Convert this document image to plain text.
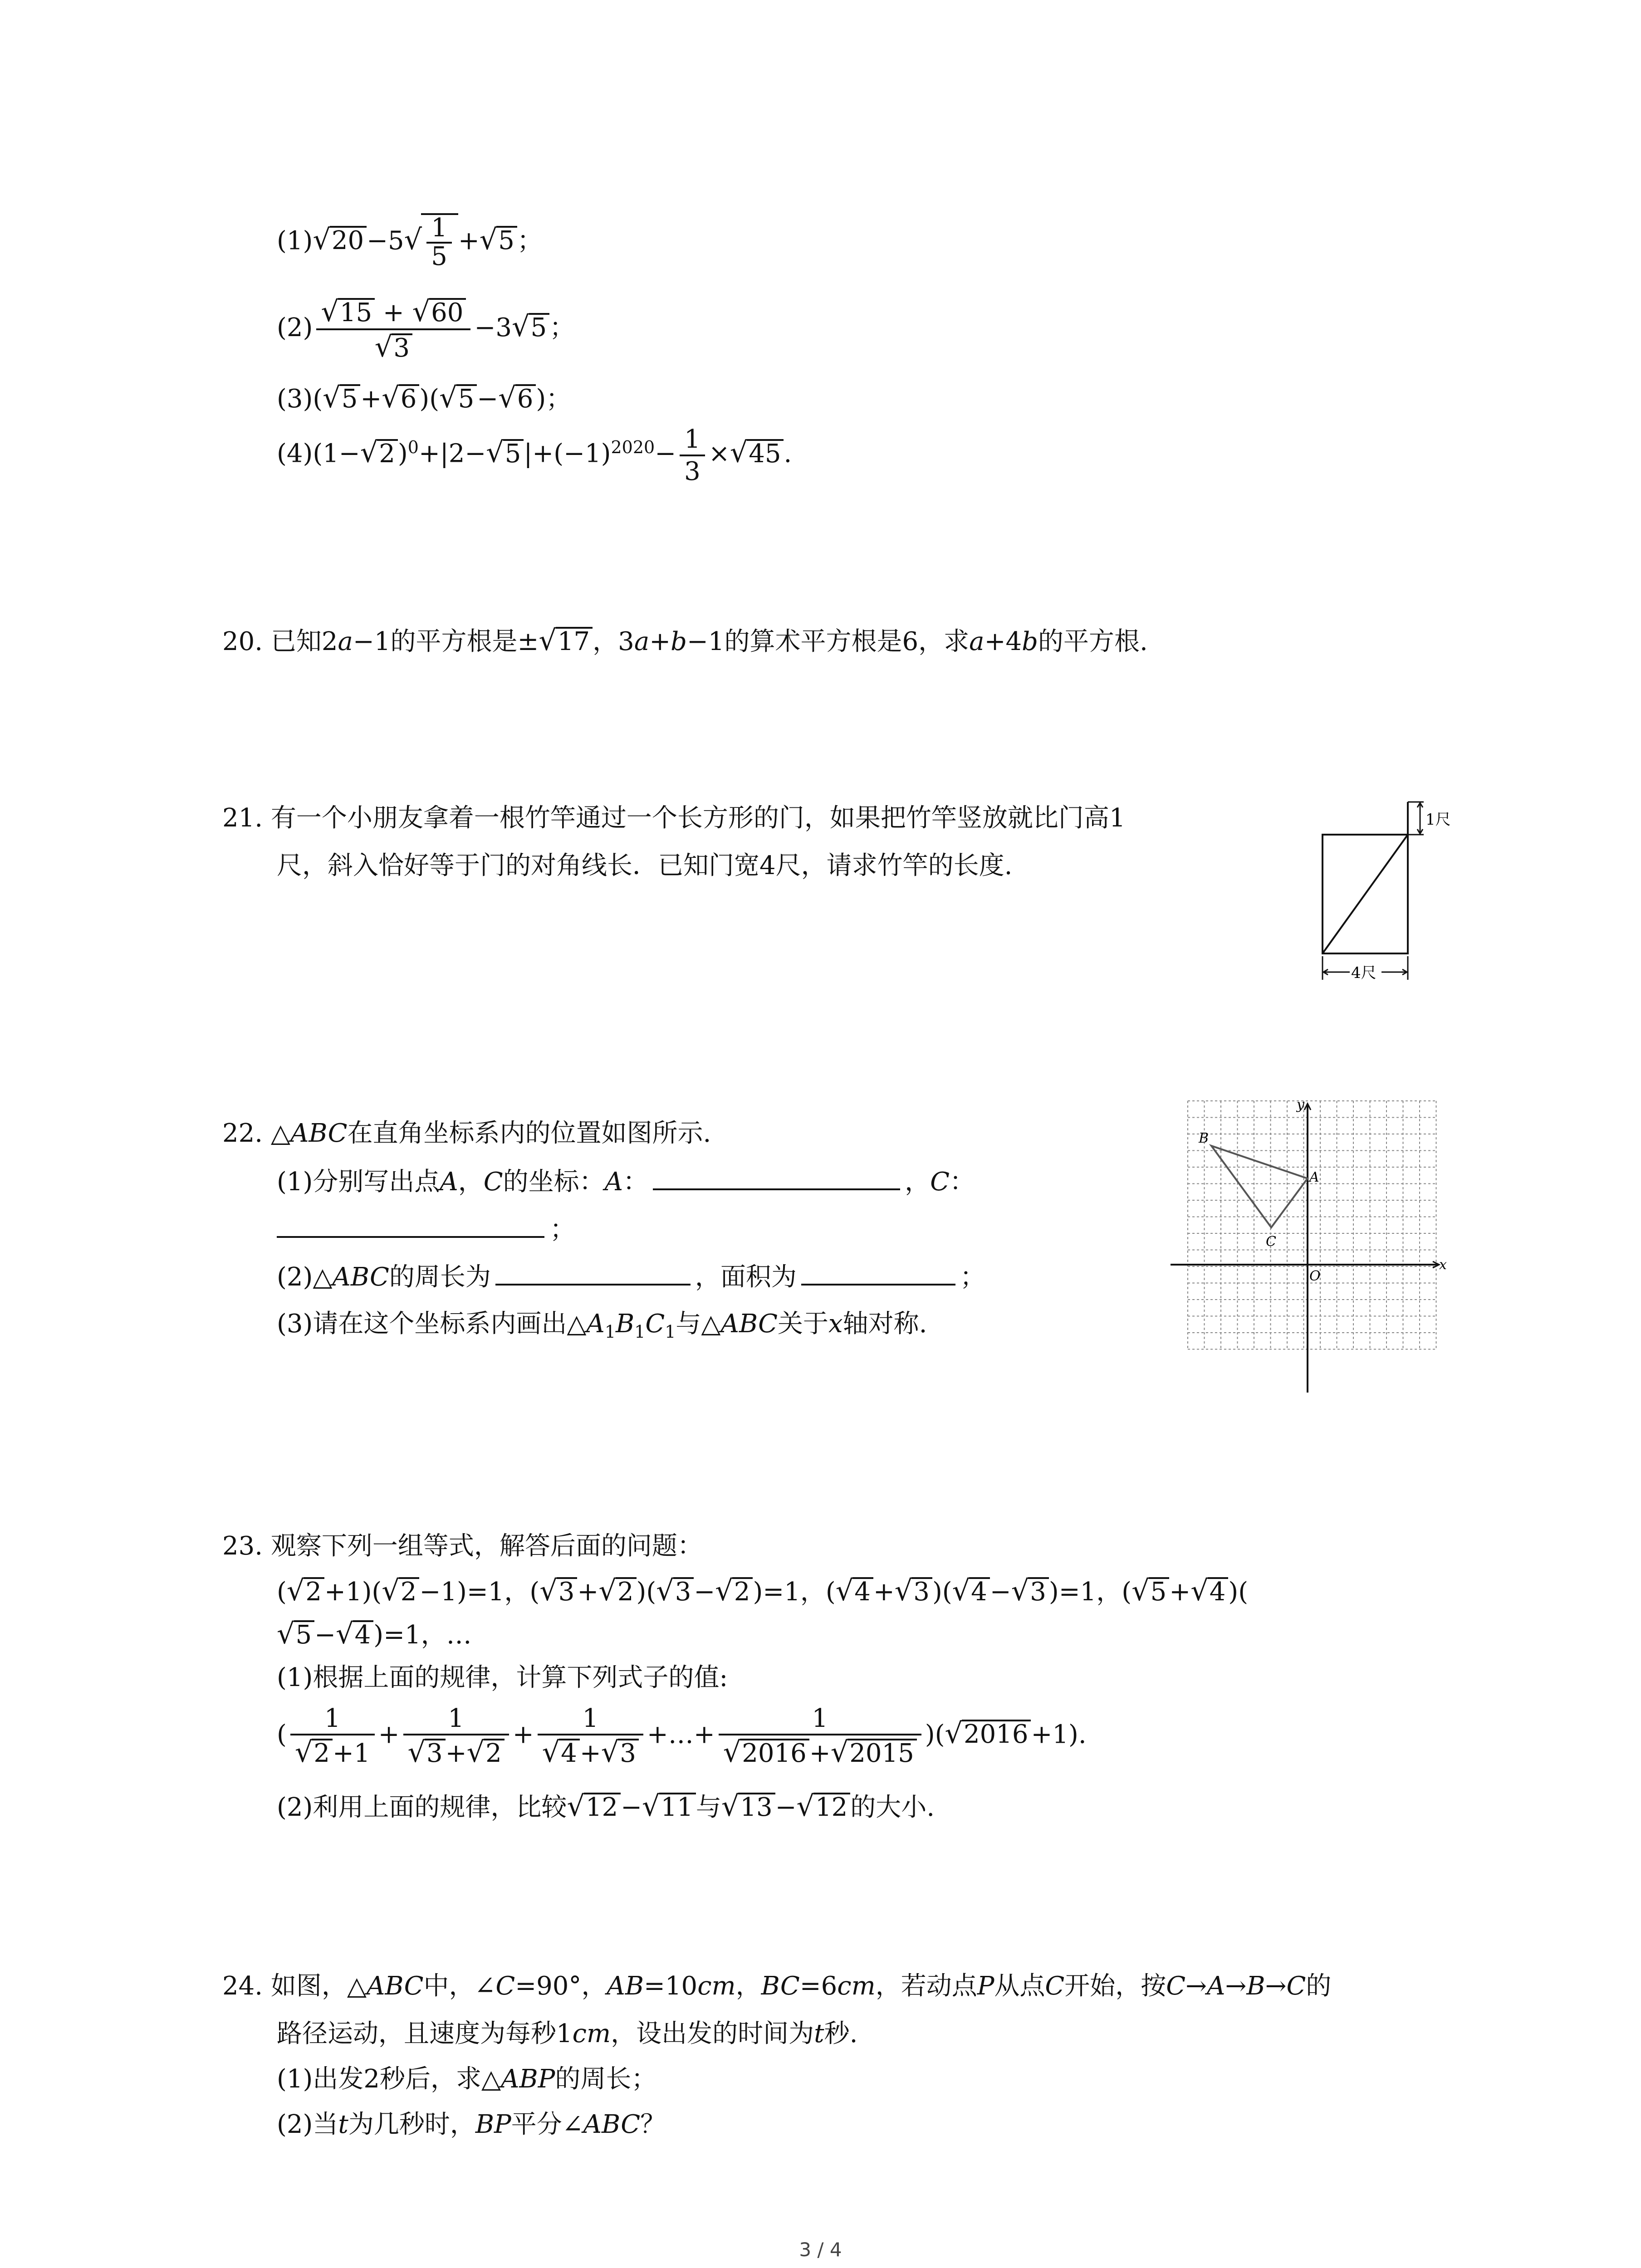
$(1)√20 -5√ \frac{1}{5} +√5$ ；
$(2) \frac{√15 + √60}{√3} -3√5$ ；
(3)(√5 +√6 )(√5 −√6 )；
(4)(1−√2 )$^0$+|2−√5 $|+(-1)^{2020}- \frac{1}{3} \times√45$ .
20. 已知2a−1的平方根是±√17 ，3a+b−1的算术平方根是6，求a+4b的平方根.
21. 有一个小朋友拿着一根竹竿通过一个长方形的门，如果把竹竿竖放就比门高1
尺，斜入恰好等于门的对角线长．已知门宽4尺，请求竹竿的长度.
1尺
4尺
22. △ABC在直角坐标系内的位置如图所示.
(1)分别写出点A，C的坐标：A：	，C：
；
(2)△ABC的周长为	，面积为	；
(3)请在这个坐标系内画出$\triangle A_1B_1C_1$与△ABC关于x轴对称.
x
y
O
B
A
C
23. 观察下列一组等式，解答后面的问题：
(√2 +1)(√2 −1)=1，(√3 +√2 )(√3 −√2 )=1，(√4 +√3 )(√4 −√3 )=1，(√5 +√4 )(
√5 −√4 )=1，…
(1)根据上面的规律，计算下列式子的值:
( $\frac{1}{√2 +1} + \frac{1}{√3 +√2} + \frac{1}{√4 +√3}$ +…+ $\frac{1}{√2016 +√2015} )(√2016 +1)$.
(2)利用上面的规律，比较√12 −√11 与√13 −√12 的大小.
24. 如图，△ABC中，∠C=90°，AB=10cm，BC=6cm，若动点P从点C开始，按C→A→B→C的
路径运动，且速度为每秒1cm，设出发的时间为t秒.
(1)出发2秒后，求△ABP的周长；
(2)当t为几秒时，BP平分∠ABC？
3 / 4
